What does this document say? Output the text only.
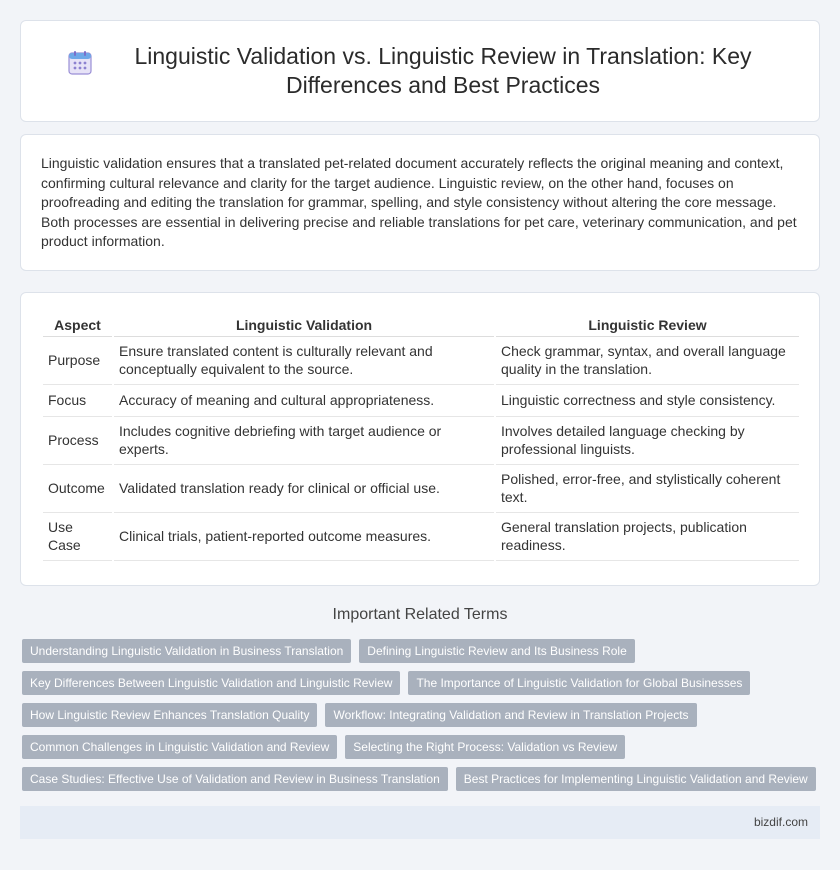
Linguistic Validation vs. Linguistic Review in Translation: Key Differences and Best Practices

Linguistic validation ensures that a translated pet-related document accurately reflects the original meaning and context, confirming cultural relevance and clarity for the target audience. Linguistic review, on the other hand, focuses on proofreading and editing the translation for grammar, spelling, and style consistency without altering the core message. Both processes are essential in delivering precise and reliable translations for pet care, veterinary communication, and pet product information.

Aspect	Linguistic Validation	Linguistic Review
Purpose	Ensure translated content is culturally relevant and conceptually equivalent to the source.	Check grammar, syntax, and overall language quality in the translation.
Focus	Accuracy of meaning and cultural appropriateness.	Linguistic correctness and style consistency.
Process	Includes cognitive debriefing with target audience or experts.	Involves detailed language checking by professional linguists.
Outcome	Validated translation ready for clinical or official use.	Polished, error-free, and stylistically coherent text.
Use Case	Clinical trials, patient-reported outcome measures.	General translation projects, publication readiness.
Important Related Terms
Understanding Linguistic Validation in Business Translation	Defining Linguistic Review and Its Business Role
Key Differences Between Linguistic Validation and Linguistic Review	The Importance of Linguistic Validation for Global Businesses
How Linguistic Review Enhances Translation Quality	Workflow: Integrating Validation and Review in Translation Projects
Common Challenges in Linguistic Validation and Review	Selecting the Right Process: Validation vs Review
Case Studies: Effective Use of Validation and Review in Business Translation	Best Practices for Implementing Linguistic Validation and Review
bizdif.com
